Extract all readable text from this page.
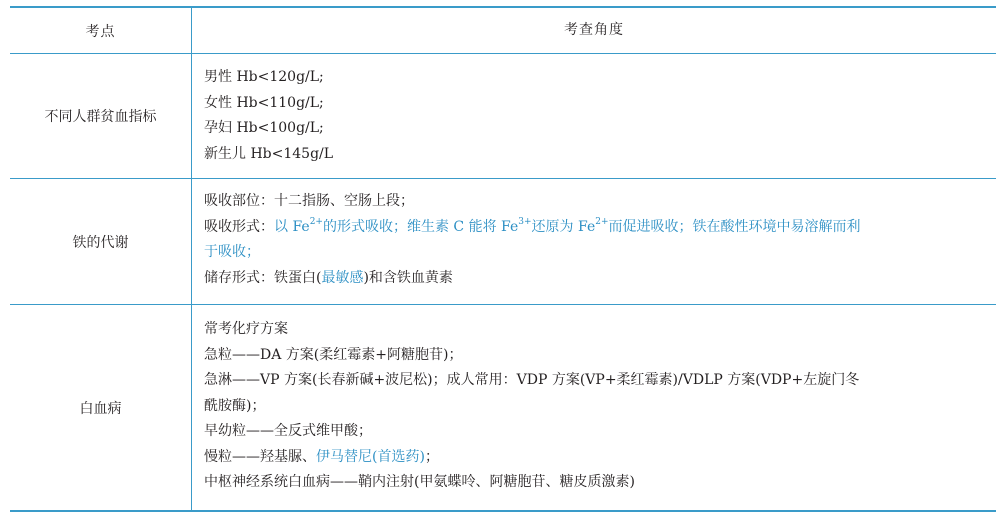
考点	考查角度
不同人群贫血指标
男性 Hb<120g/L;
女性 Hb<110g/L;
孕妇 Hb<100g/L;
新生儿 Hb<145g/L
铁的代谢
吸收部位：十二指肠、空肠上段；
吸收形式：以 $Fe^{2+}$的形式吸收；维生素 C 能将 $Fe^{3+}$还原为 $Fe^{2+}$而促进吸收；铁在酸性环境中易溶解而利
于吸收；
储存形式：铁蛋白(最敏感)和含铁血黄素
白血病
常考化疗方案
急粒——DA 方案(柔红霉素+阿糖胞苷)；
急淋——VP 方案(长春新碱+波尼松)；成人常用：VDP 方案(VP+柔红霉素)/VDLP 方案(VDP+左旋门冬
酰胺酶)；
早幼粒——全反式维甲酸；
慢粒——羟基脲、伊马替尼(首选药)；
中枢神经系统白血病——鞘内注射(甲氨蝶呤、阿糖胞苷、糖皮质激素)
